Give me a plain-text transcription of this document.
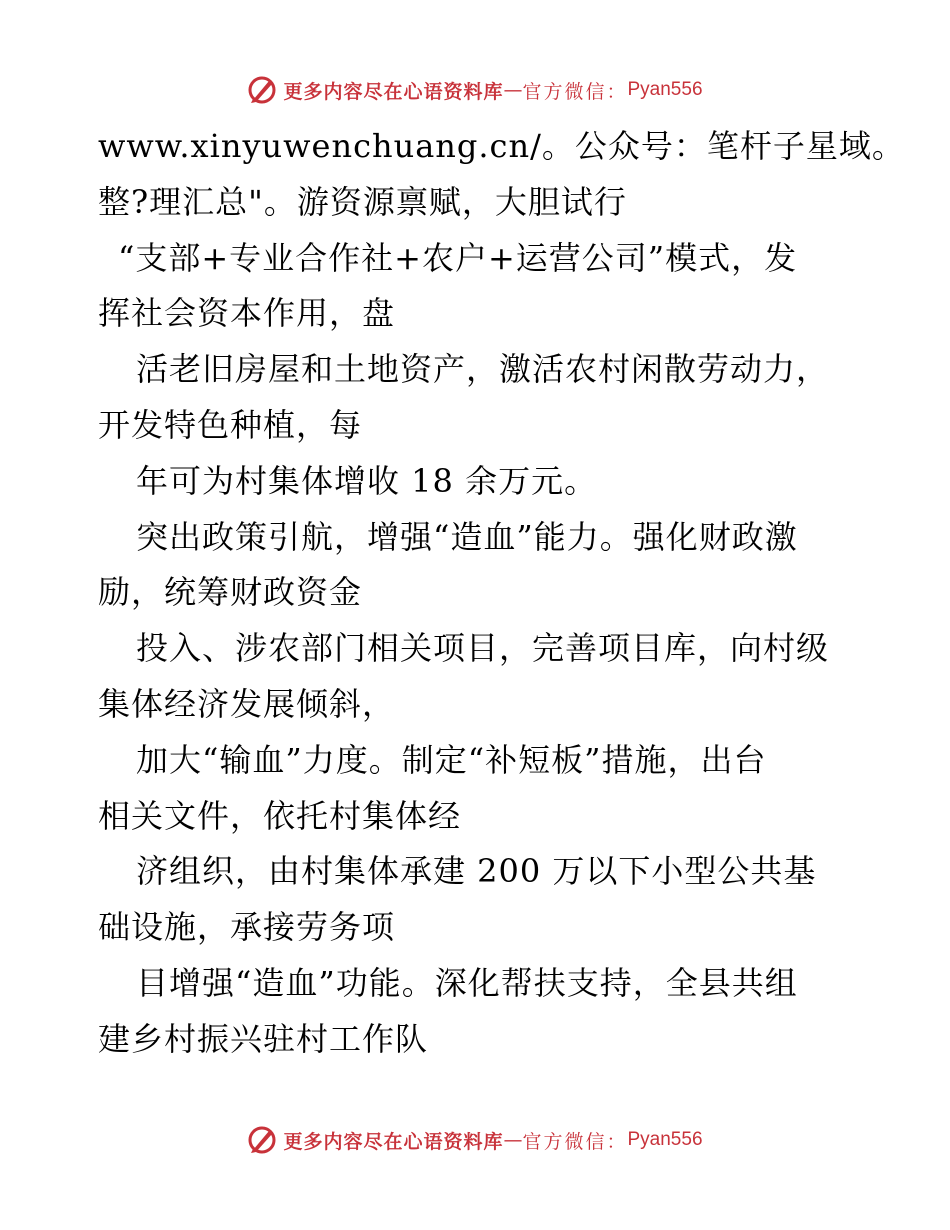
更多内容尽在心语资料库 — 官方微信： Pyan556
www.xinyuwenchuang.cn/。公众号：笔杆子星域。
整?理汇总"。游资源禀赋，大胆试行
“支部+专业合作社+农户+运营公司”模式，发
挥社会资本作用，盘
活老旧房屋和土地资产，激活农村闲散劳动力，
开发特色种植，每
年可为村集体增收 18 余万元。
突出政策引航，增强“造血”能力。强化财政激
励，统筹财政资金
投入、涉农部门相关项目，完善项目库，向村级
集体经济发展倾斜，
加大“输血”力度。制定“补短板”措施，出台
相关文件，依托村集体经
济组织，由村集体承建 200 万以下小型公共基
础设施，承接劳务项
目增强“造血”功能。深化帮扶支持，全县共组
建乡村振兴驻村工作队
更多内容尽在心语资料库 — 官方微信： Pyan556
